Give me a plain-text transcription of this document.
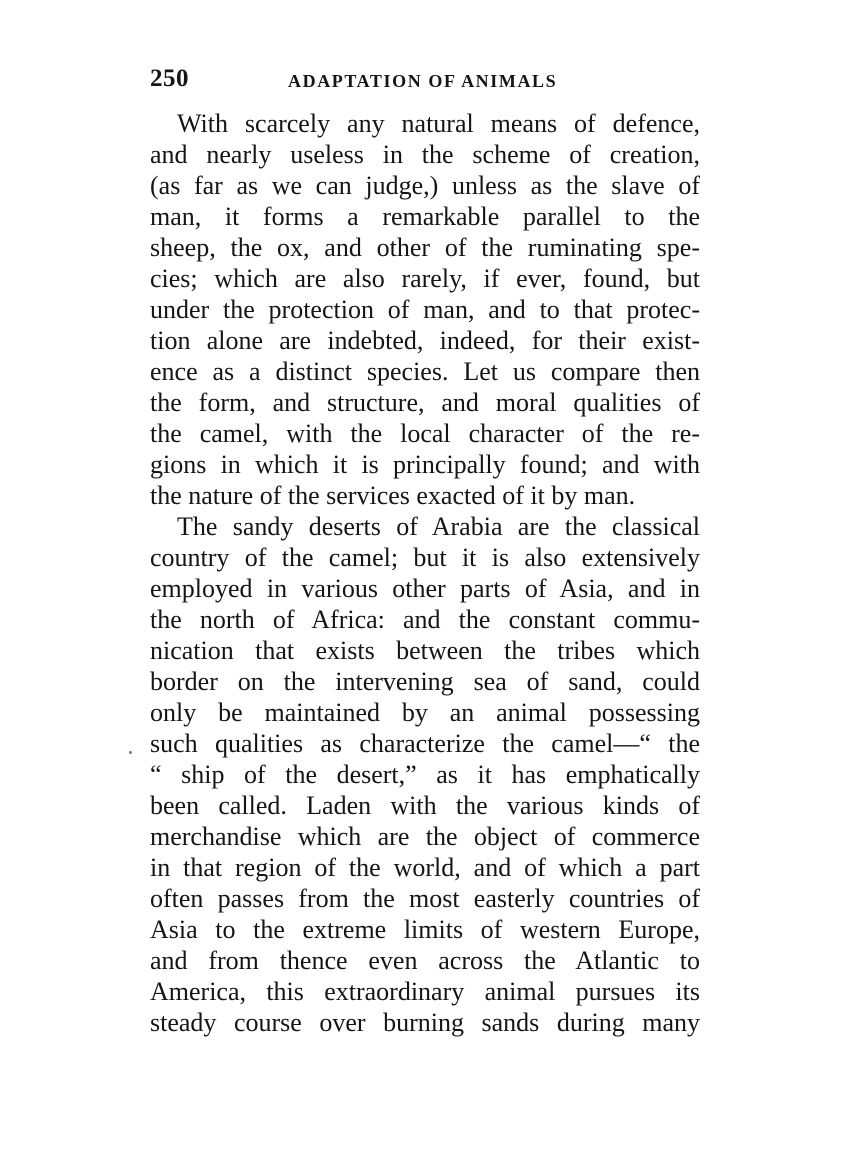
250	ADAPTATION OF ANIMALS
With scarcely any natural means of defence,
and nearly useless in the scheme of creation,
(as far as we can judge,) unless as the slave of
man, it forms a remarkable parallel to the
sheep, the ox, and other of the ruminating spe-
cies; which are also rarely, if ever, found, but
under the protection of man, and to that protec-
tion alone are indebted, indeed, for their exist-
ence as a distinct species. Let us compare then
the form, and structure, and moral qualities of
the camel, with the local character of the re-
gions in which it is principally found; and with
the nature of the services exacted of it by man.
The sandy deserts of Arabia are the classical
country of the camel; but it is also extensively
employed in various other parts of Asia, and in
the north of Africa: and the constant commu-
nication that exists between the tribes which
border on the intervening sea of sand, could
only be maintained by an animal possessing
such qualities as characterize the camel—“ the
“ ship of the desert,” as it has emphatically
been called. Laden with the various kinds of
merchandise which are the object of commerce
in that region of the world, and of which a part
often passes from the most easterly countries of
Asia to the extreme limits of western Europe,
and from thence even across the Atlantic to
America, this extraordinary animal pursues its
steady course over burning sands during many
